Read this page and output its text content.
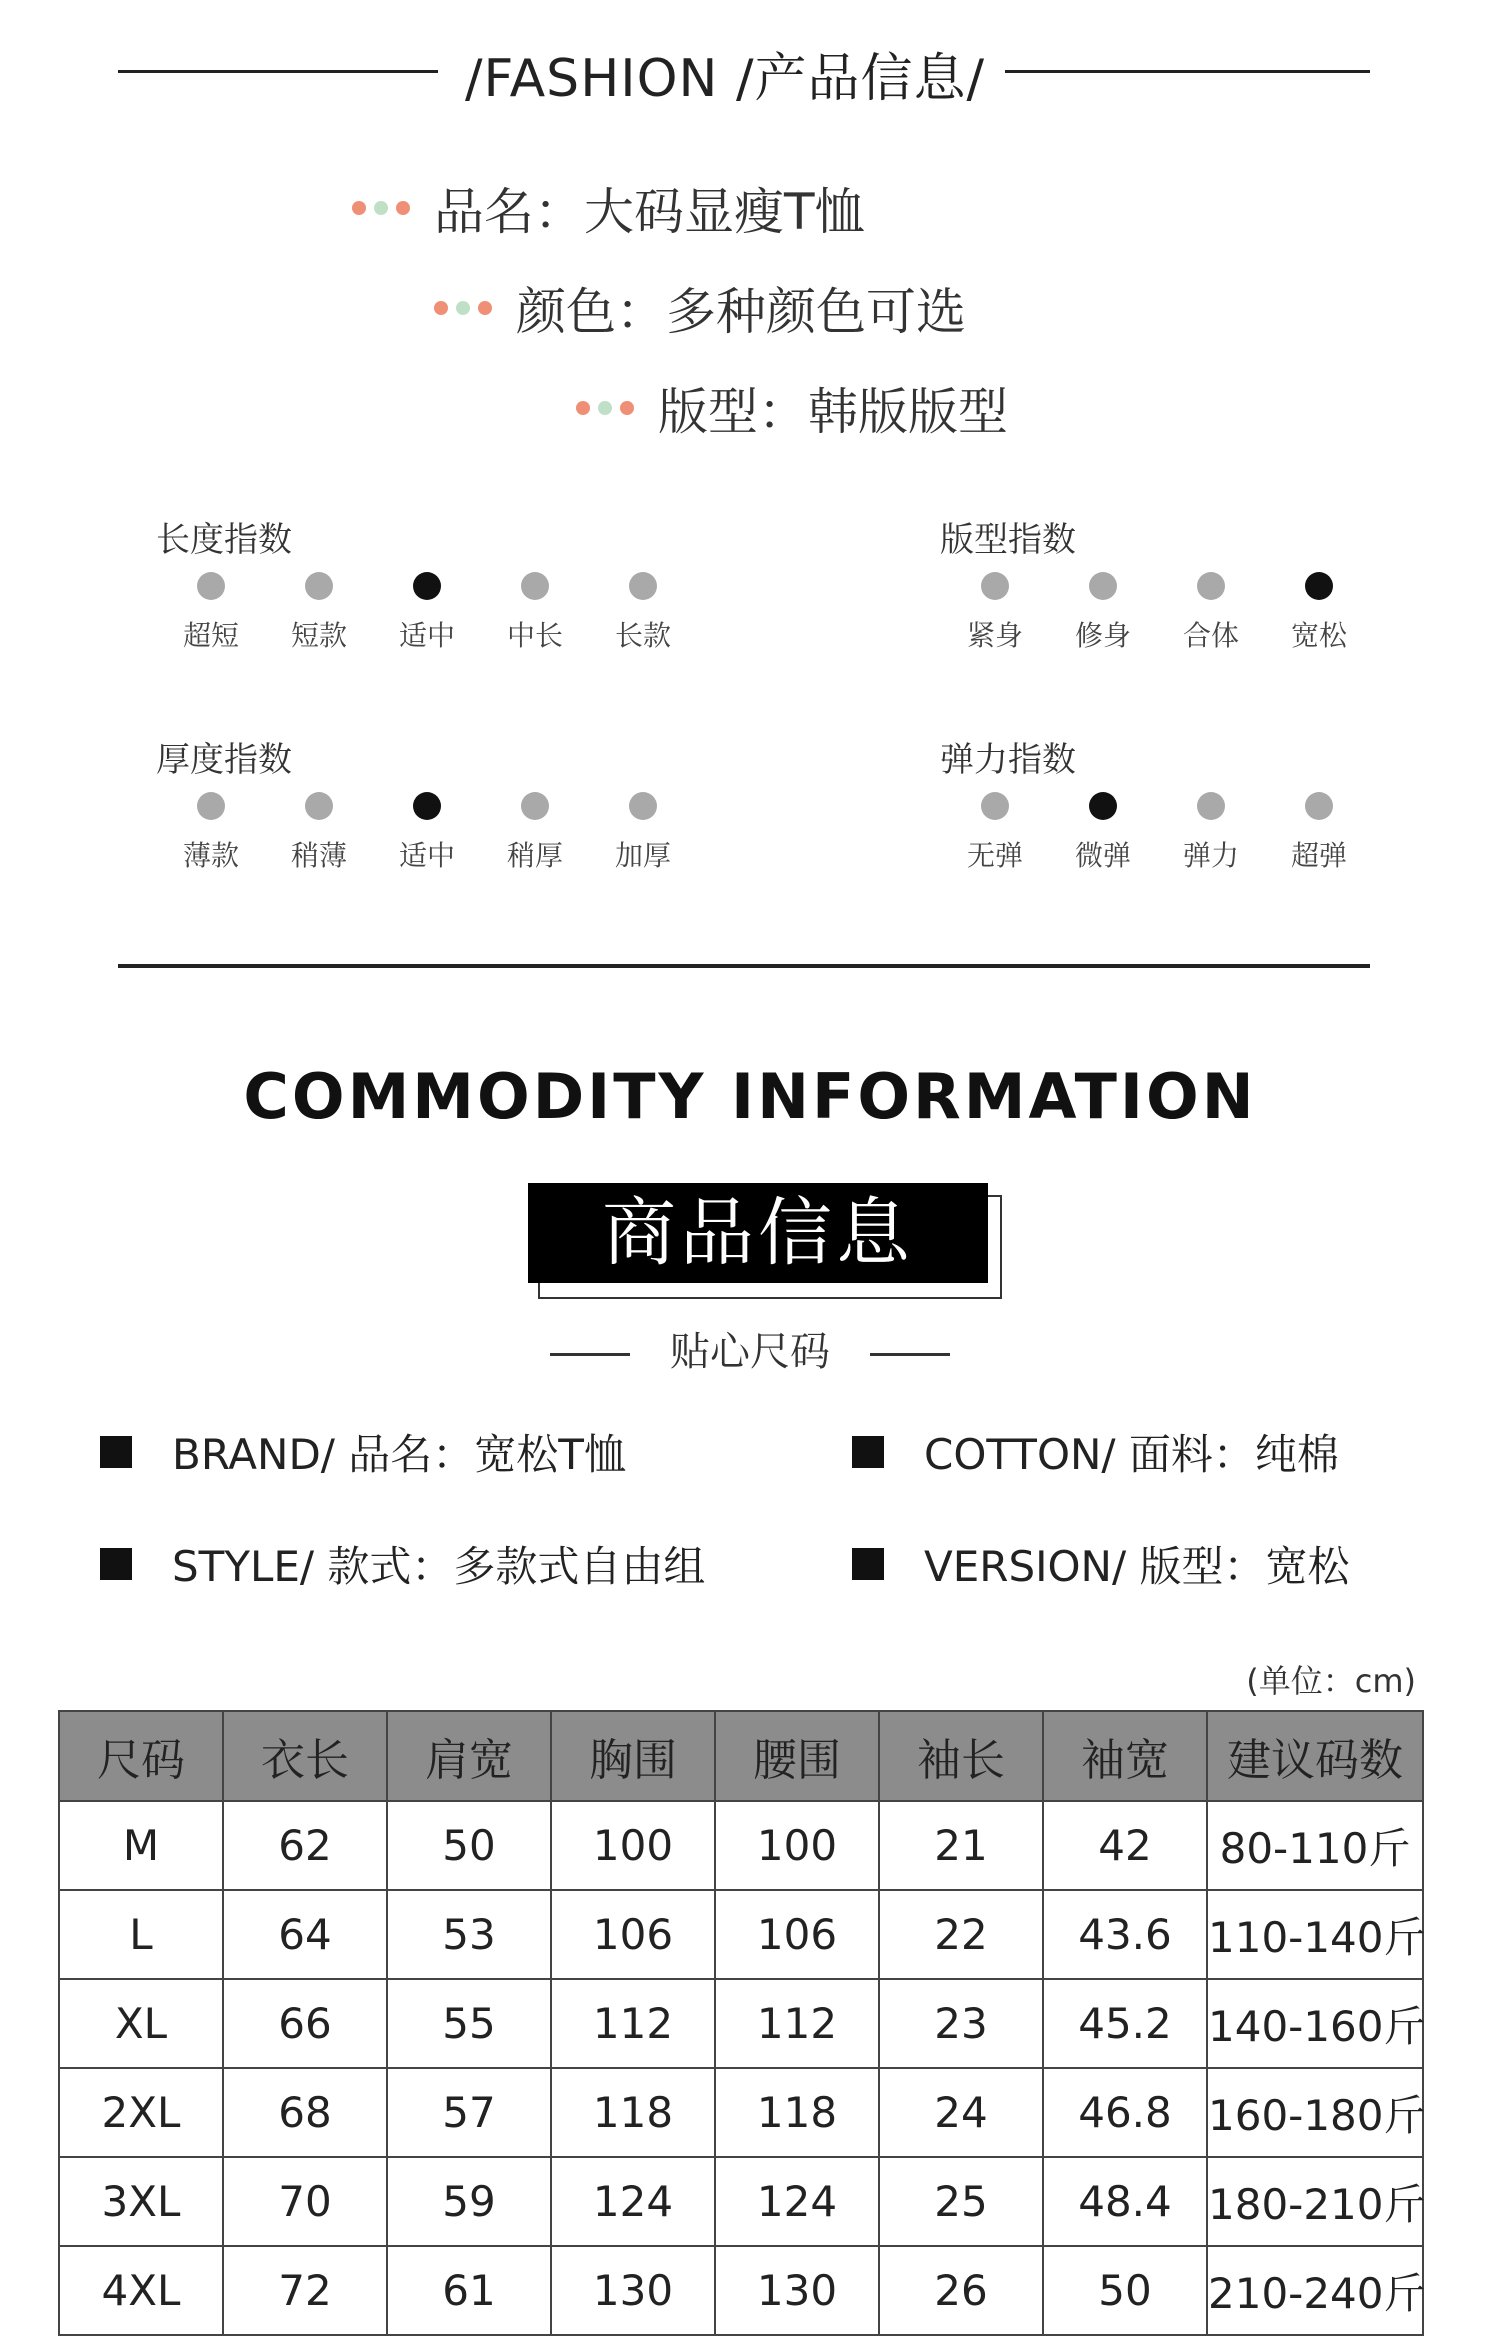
/FASHION /产品信息/
品名： 大码显瘦T恤
颜色： 多种颜色可选
版型： 韩版版型
长度指数
超短	短款	适中	中长	长款
版型指数
紧身	修身	合体	宽松
厚度指数
薄款	稍薄	适中	稍厚	加厚
弹力指数
无弹	微弹	弹力	超弹
COMMODITY INFORMATION
商品信息
贴心尺码
BRAND/ 品名：宽松T恤	COTTON/ 面料：纯棉
STYLE/ 款式：多款式自由组	VERSION/ 版型：宽松
(单位：cm)
尺码	衣长	肩宽	胸围	腰围	袖长	袖宽	建议码数
M	62	50	100	100	21	42	80-110斤
L	64	53	106	106	22	43.6	110-140斤
XL	66	55	112	112	23	45.2	140-160斤
2XL	68	57	118	118	24	46.8	160-180斤
3XL	70	59	124	124	25	48.4	180-210斤
4XL	72	61	130	130	26	50	210-240斤
